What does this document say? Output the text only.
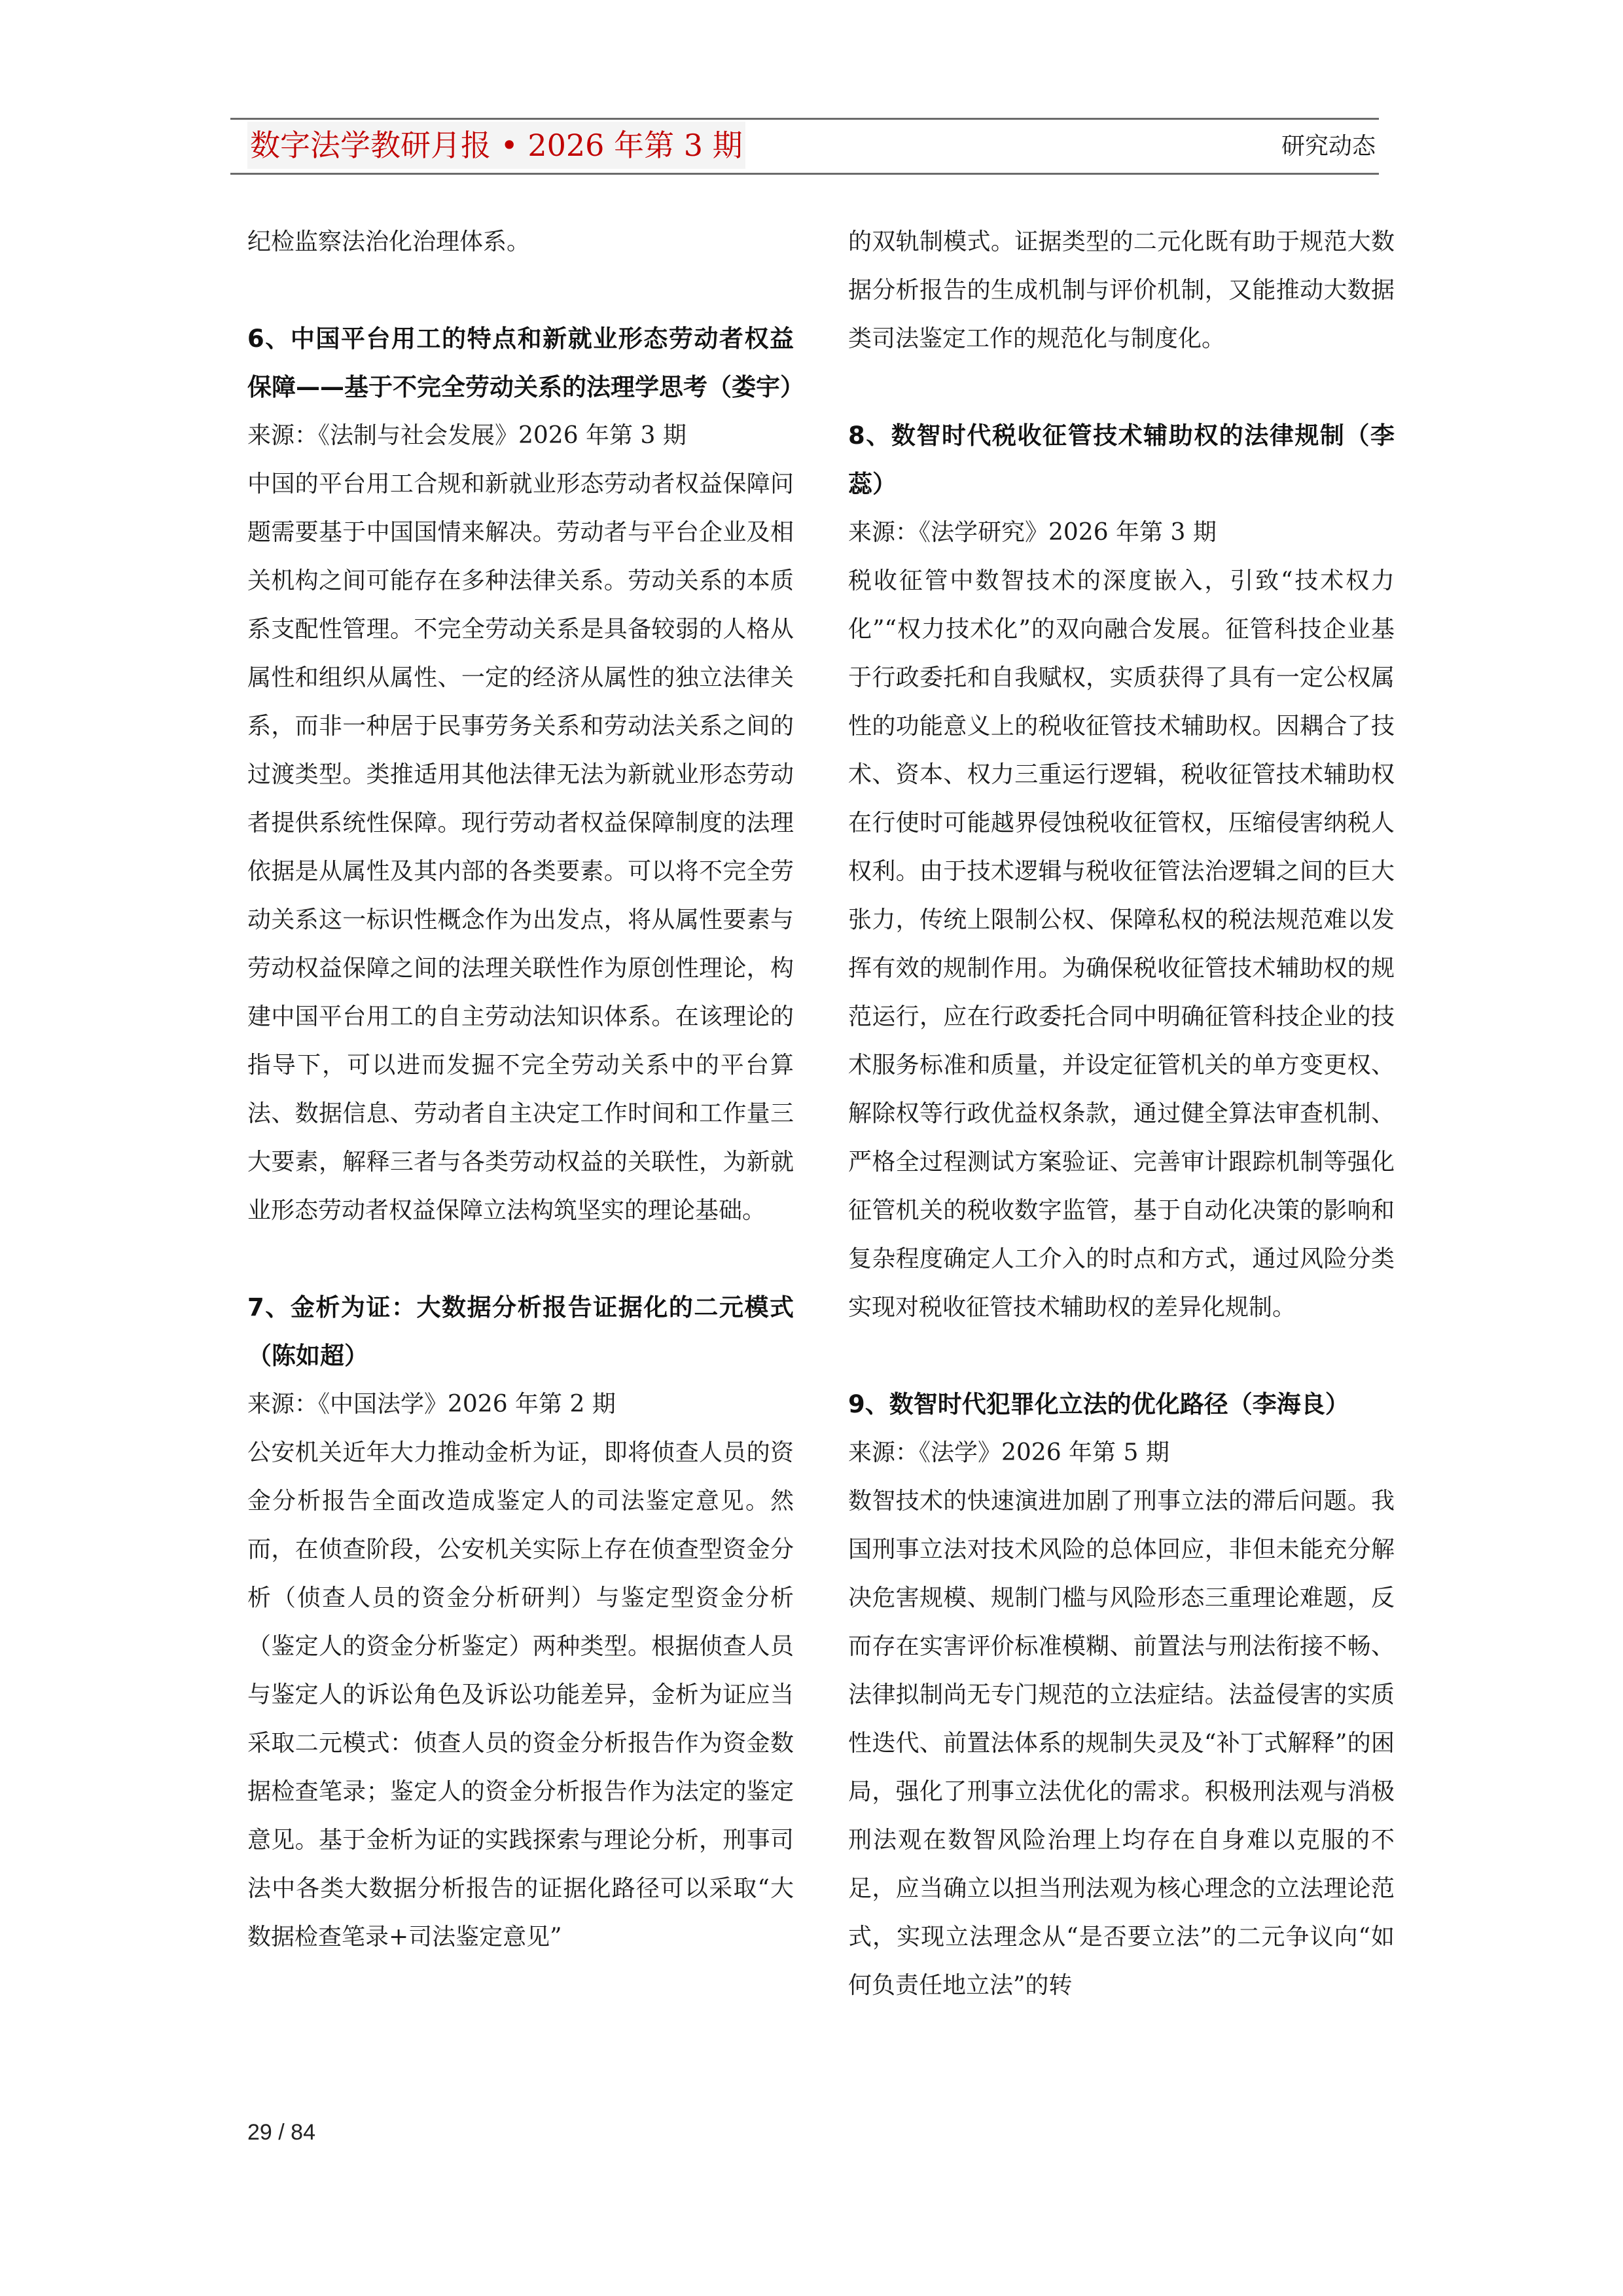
数字法学教研月报 • 2026 年第 3 期	研究动态

纪检监察法治化治理体系。

6、中国平台用工的特点和新就业形态劳动者权益保障——基于不完全劳动关系的法理学思考（娄宇）

来源：《法制与社会发展》2026 年第 3 期

中国的平台用工合规和新就业形态劳动者权益保障问题需要基于中国国情来解决。劳动者与平台企业及相关机构之间可能存在多种法律关系。劳动关系的本质系支配性管理。不完全劳动关系是具备较弱的人格从属性和组织从属性、一定的经济从属性的独立法律关系，而非一种居于民事劳务关系和劳动法关系之间的过渡类型。类推适用其他法律无法为新就业形态劳动者提供系统性保障。现行劳动者权益保障制度的法理依据是从属性及其内部的各类要素。可以将不完全劳动关系这一标识性概念作为出发点，将从属性要素与劳动权益保障之间的法理关联性作为原创性理论，构建中国平台用工的自主劳动法知识体系。在该理论的指导下，可以进而发掘不完全劳动关系中的平台算法、数据信息、劳动者自主决定工作时间和工作量三大要素，解释三者与各类劳动权益的关联性，为新就业形态劳动者权益保障立法构筑坚实的理论基础。

7、金析为证：大数据分析报告证据化的二元模式（陈如超）

来源：《中国法学》2026 年第 2 期

公安机关近年大力推动金析为证，即将侦查人员的资金分析报告全面改造成鉴定人的司法鉴定意见。然而，在侦查阶段，公安机关实际上存在侦查型资金分析（侦查人员的资金分析研判）与鉴定型资金分析（鉴定人的资金分析鉴定）两种类型。根据侦查人员与鉴定人的诉讼角色及诉讼功能差异，金析为证应当采取二元模式：侦查人员的资金分析报告作为资金数据检查笔录；鉴定人的资金分析报告作为法定的鉴定意见。基于金析为证的实践探索与理论分析，刑事司法中各类大数据分析报告的证据化路径可以采取“大数据检查笔录+司法鉴定意见”

的双轨制模式。证据类型的二元化既有助于规范大数据分析报告的生成机制与评价机制，又能推动大数据类司法鉴定工作的规范化与制度化。

8、数智时代税收征管技术辅助权的法律规制（李蕊）

来源：《法学研究》2026 年第 3 期

税收征管中数智技术的深度嵌入，引致“技术权力化”“权力技术化”的双向融合发展。征管科技企业基于行政委托和自我赋权，实质获得了具有一定公权属性的功能意义上的税收征管技术辅助权。因耦合了技术、资本、权力三重运行逻辑，税收征管技术辅助权在行使时可能越界侵蚀税收征管权，压缩侵害纳税人权利。由于技术逻辑与税收征管法治逻辑之间的巨大张力，传统上限制公权、保障私权的税法规范难以发挥有效的规制作用。为确保税收征管技术辅助权的规范运行，应在行政委托合同中明确征管科技企业的技术服务标准和质量，并设定征管机关的单方变更权、解除权等行政优益权条款，通过健全算法审查机制、严格全过程测试方案验证、完善审计跟踪机制等强化征管机关的税收数字监管，基于自动化决策的影响和复杂程度确定人工介入的时点和方式，通过风险分类实现对税收征管技术辅助权的差异化规制。

9、数智时代犯罪化立法的优化路径（李海良）

来源：《法学》2026 年第 5 期

数智技术的快速演进加剧了刑事立法的滞后问题。我国刑事立法对技术风险的总体回应，非但未能充分解决危害规模、规制门槛与风险形态三重理论难题，反而存在实害评价标准模糊、前置法与刑法衔接不畅、法律拟制尚无专门规范的立法症结。法益侵害的实质性迭代、前置法体系的规制失灵及“补丁式解释”的困局，强化了刑事立法优化的需求。积极刑法观与消极刑法观在数智风险治理上均存在自身难以克服的不足，应当确立以担当刑法观为核心理念的立法理论范式，实现立法理念从“是否要立法”的二元争议向“如何负责任地立法”的转

29 / 84
